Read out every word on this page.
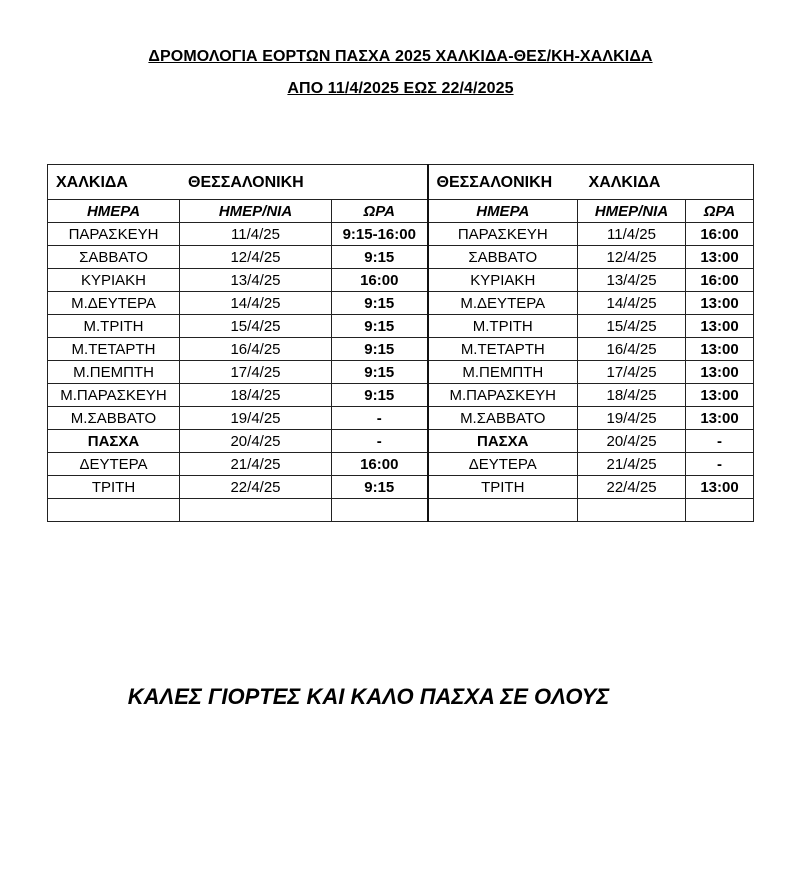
ΔΡΟΜΟΛΟΓΙΑ ΕΟΡΤΩΝ ΠΑΣΧΑ 2025 ΧΑΛΚΙΔΑ-ΘΕΣ/ΚΗ-ΧΑΛΚΙΔΑ
ΑΠΟ 11/4/2025 ΕΩΣ 22/4/2025
ΧΑΛΚΙΔΑ ΘΕΣΣΑΛΟΝΙΚΗ			ΘΕΣΣΑΛΟΝΙΚΗ ΧΑΛΚΙΔΑ		
ΗΜΕΡΑ	ΗΜΕΡ/ΝΙΑ	ΩΡΑ	ΗΜΕΡΑ	ΗΜΕΡ/ΝΙΑ	ΩΡΑ
ΠΑΡΑΣΚΕΥΗ	11/4/25	9:15-16:00	ΠΑΡΑΣΚΕΥΗ	11/4/25	16:00
ΣΑΒΒΑΤΟ	12/4/25	9:15	ΣΑΒΒΑΤΟ	12/4/25	13:00
ΚΥΡΙΑΚΗ	13/4/25	16:00	ΚΥΡΙΑΚΗ	13/4/25	16:00
Μ.ΔΕΥΤΕΡΑ	14/4/25	9:15	Μ.ΔΕΥΤΕΡΑ	14/4/25	13:00
Μ.ΤΡΙΤΗ	15/4/25	9:15	Μ.ΤΡΙΤΗ	15/4/25	13:00
Μ.ΤΕΤΑΡΤΗ	16/4/25	9:15	Μ.ΤΕΤΑΡΤΗ	16/4/25	13:00
Μ.ΠΕΜΠΤΗ	17/4/25	9:15	Μ.ΠΕΜΠΤΗ	17/4/25	13:00
Μ.ΠΑΡΑΣΚΕΥΗ	18/4/25	9:15	Μ.ΠΑΡΑΣΚΕΥΗ	18/4/25	13:00
Μ.ΣΑΒΒΑΤΟ	19/4/25	-	Μ.ΣΑΒΒΑΤΟ	19/4/25	13:00
ΠΑΣΧΑ	20/4/25	-	ΠΑΣΧΑ	20/4/25	-
ΔΕΥΤΕΡΑ	21/4/25	16:00	ΔΕΥΤΕΡΑ	21/4/25	-
ΤΡΙΤΗ	22/4/25	9:15	ΤΡΙΤΗ	22/4/25	13:00

ΚΑΛΕΣ ΓΙΟΡΤΕΣ ΚΑΙ ΚΑΛΟ ΠΑΣΧΑ ΣΕ ΟΛΟΥΣ
